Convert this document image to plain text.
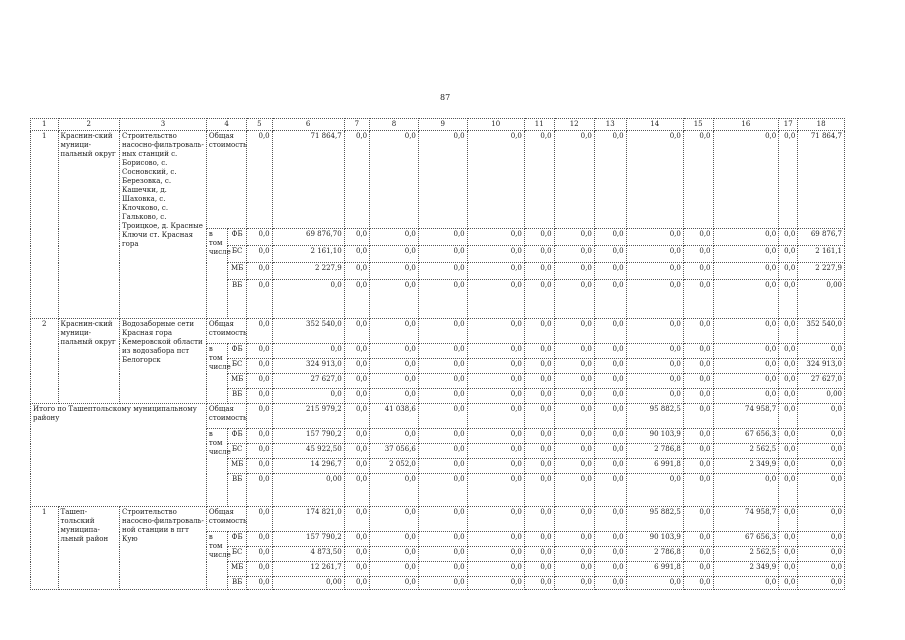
87
1	2	3	4		5	6	7	8	9	10	11	12	13	14	15	16	17	18
1	Краснин-ский муници-пальный округ	Строительство насосно-фильтроваль-ных станций с. Борисово, с. Сосновский, с. Березовка, с. Кашечки, д. Шаховка, с. Клочково, с. Гальково, с. Троицкое, д. Красные Ключи ст. Красная гора	Общая стоимость		0,0	71 864,7	0,0	0,0	0,0	0,0	0,0	0,0	0,0	0,0	0,0	0,0	0,0	71 864,7
			в том числе	ФБ	0,0	69 876,70	0,0	0,0	0,0	0,0	0,0	0,0	0,0	0,0	0,0	0,0	0,0	69 876,7
				БС	0,0	2 161,10	0,0	0,0	0,0	0,0	0,0	0,0	0,0	0,0	0,0	0,0	0,0	2 161,1
				МБ	0,0	2 227,9	0,0	0,0	0,0	0,0	0,0	0,0	0,0	0,0	0,0	0,0	0,0	2 227,9
				ВБ	0,0	0,0	0,0	0,0	0,0	0,0	0,0	0,0	0,0	0,0	0,0	0,0	0,0	0,00
2	Краснин-ский муници-пальный округ	Водозаборные сети Красная гора Кемеровской области из водозабора пст Белогорск	Общая стоимость		0,0	352 540,0	0,0	0,0	0,0	0,0	0,0	0,0	0,0	0,0	0,0	0,0	0,0	352 540,0
			в том числе	ФБ	0,0	0,0	0,0	0,0	0,0	0,0	0,0	0,0	0,0	0,0	0,0	0,0	0,0	0,0
				БС	0,0	324 913,0	0,0	0,0	0,0	0,0	0,0	0,0	0,0	0,0	0,0	0,0	0,0	324 913,0
				МБ	0,0	27 627,0	0,0	0,0	0,0	0,0	0,0	0,0	0,0	0,0	0,0	0,0	0,0	27 627,0
				ВБ	0,0	0,0	0,0	0,0	0,0	0,0	0,0	0,0	0,0	0,0	0,0	0,0	0,0	0,00
Итого по Ташептольскому муниципальному району			Общая стоимость		0,0	215 979,2	0,0	41 038,6	0,0	0,0	0,0	0,0	0,0	95 882,5	0,0	74 958,7	0,0	0,0
			в том числе	ФБ	0,0	157 790,2	0,0	0,0	0,0	0,0	0,0	0,0	0,0	90 103,9	0,0	67 656,3	0,0	0,0
				БС	0,0	45 922,50	0,0	37 056,6	0,0	0,0	0,0	0,0	0,0	2 786,8	0,0	2 562,5	0,0	0,0
				МБ	0,0	14 296,7	0,0	2 052,0	0,0	0,0	0,0	0,0	0,0	6 991,8	0,0	2 349,9	0,0	0,0
				ВБ	0,0	0,00	0,0	0,0	0,0	0,0	0,0	0,0	0,0	0,0	0,0	0,0	0,0	0,0
1	Ташеп-тольский муниципа-льный район	Строительство насосно-фильтроваль-ной станции в пгт Кую	Общая стоимость		0,0	174 821,0	0,0	0,0	0,0	0,0	0,0	0,0	0,0	95 882,5	0,0	74 958,7	0,0	0,0
			в том числе	ФБ	0,0	157 790,2	0,0	0,0	0,0	0,0	0,0	0,0	0,0	90 103,9	0,0	67 656,3	0,0	0,0
				БС	0,0	4 873,50	0,0	0,0	0,0	0,0	0,0	0,0	0,0	2 786,8	0,0	2 562,5	0,0	0,0
				МБ	0,0	12 261,7	0,0	0,0	0,0	0,0	0,0	0,0	0,0	6 991,8	0,0	2 349,9	0,0	0,0
				ВБ	0,0	0,00	0,0	0,0	0,0	0,0	0,0	0,0	0,0	0,0	0,0	0,0	0,0	0,0
